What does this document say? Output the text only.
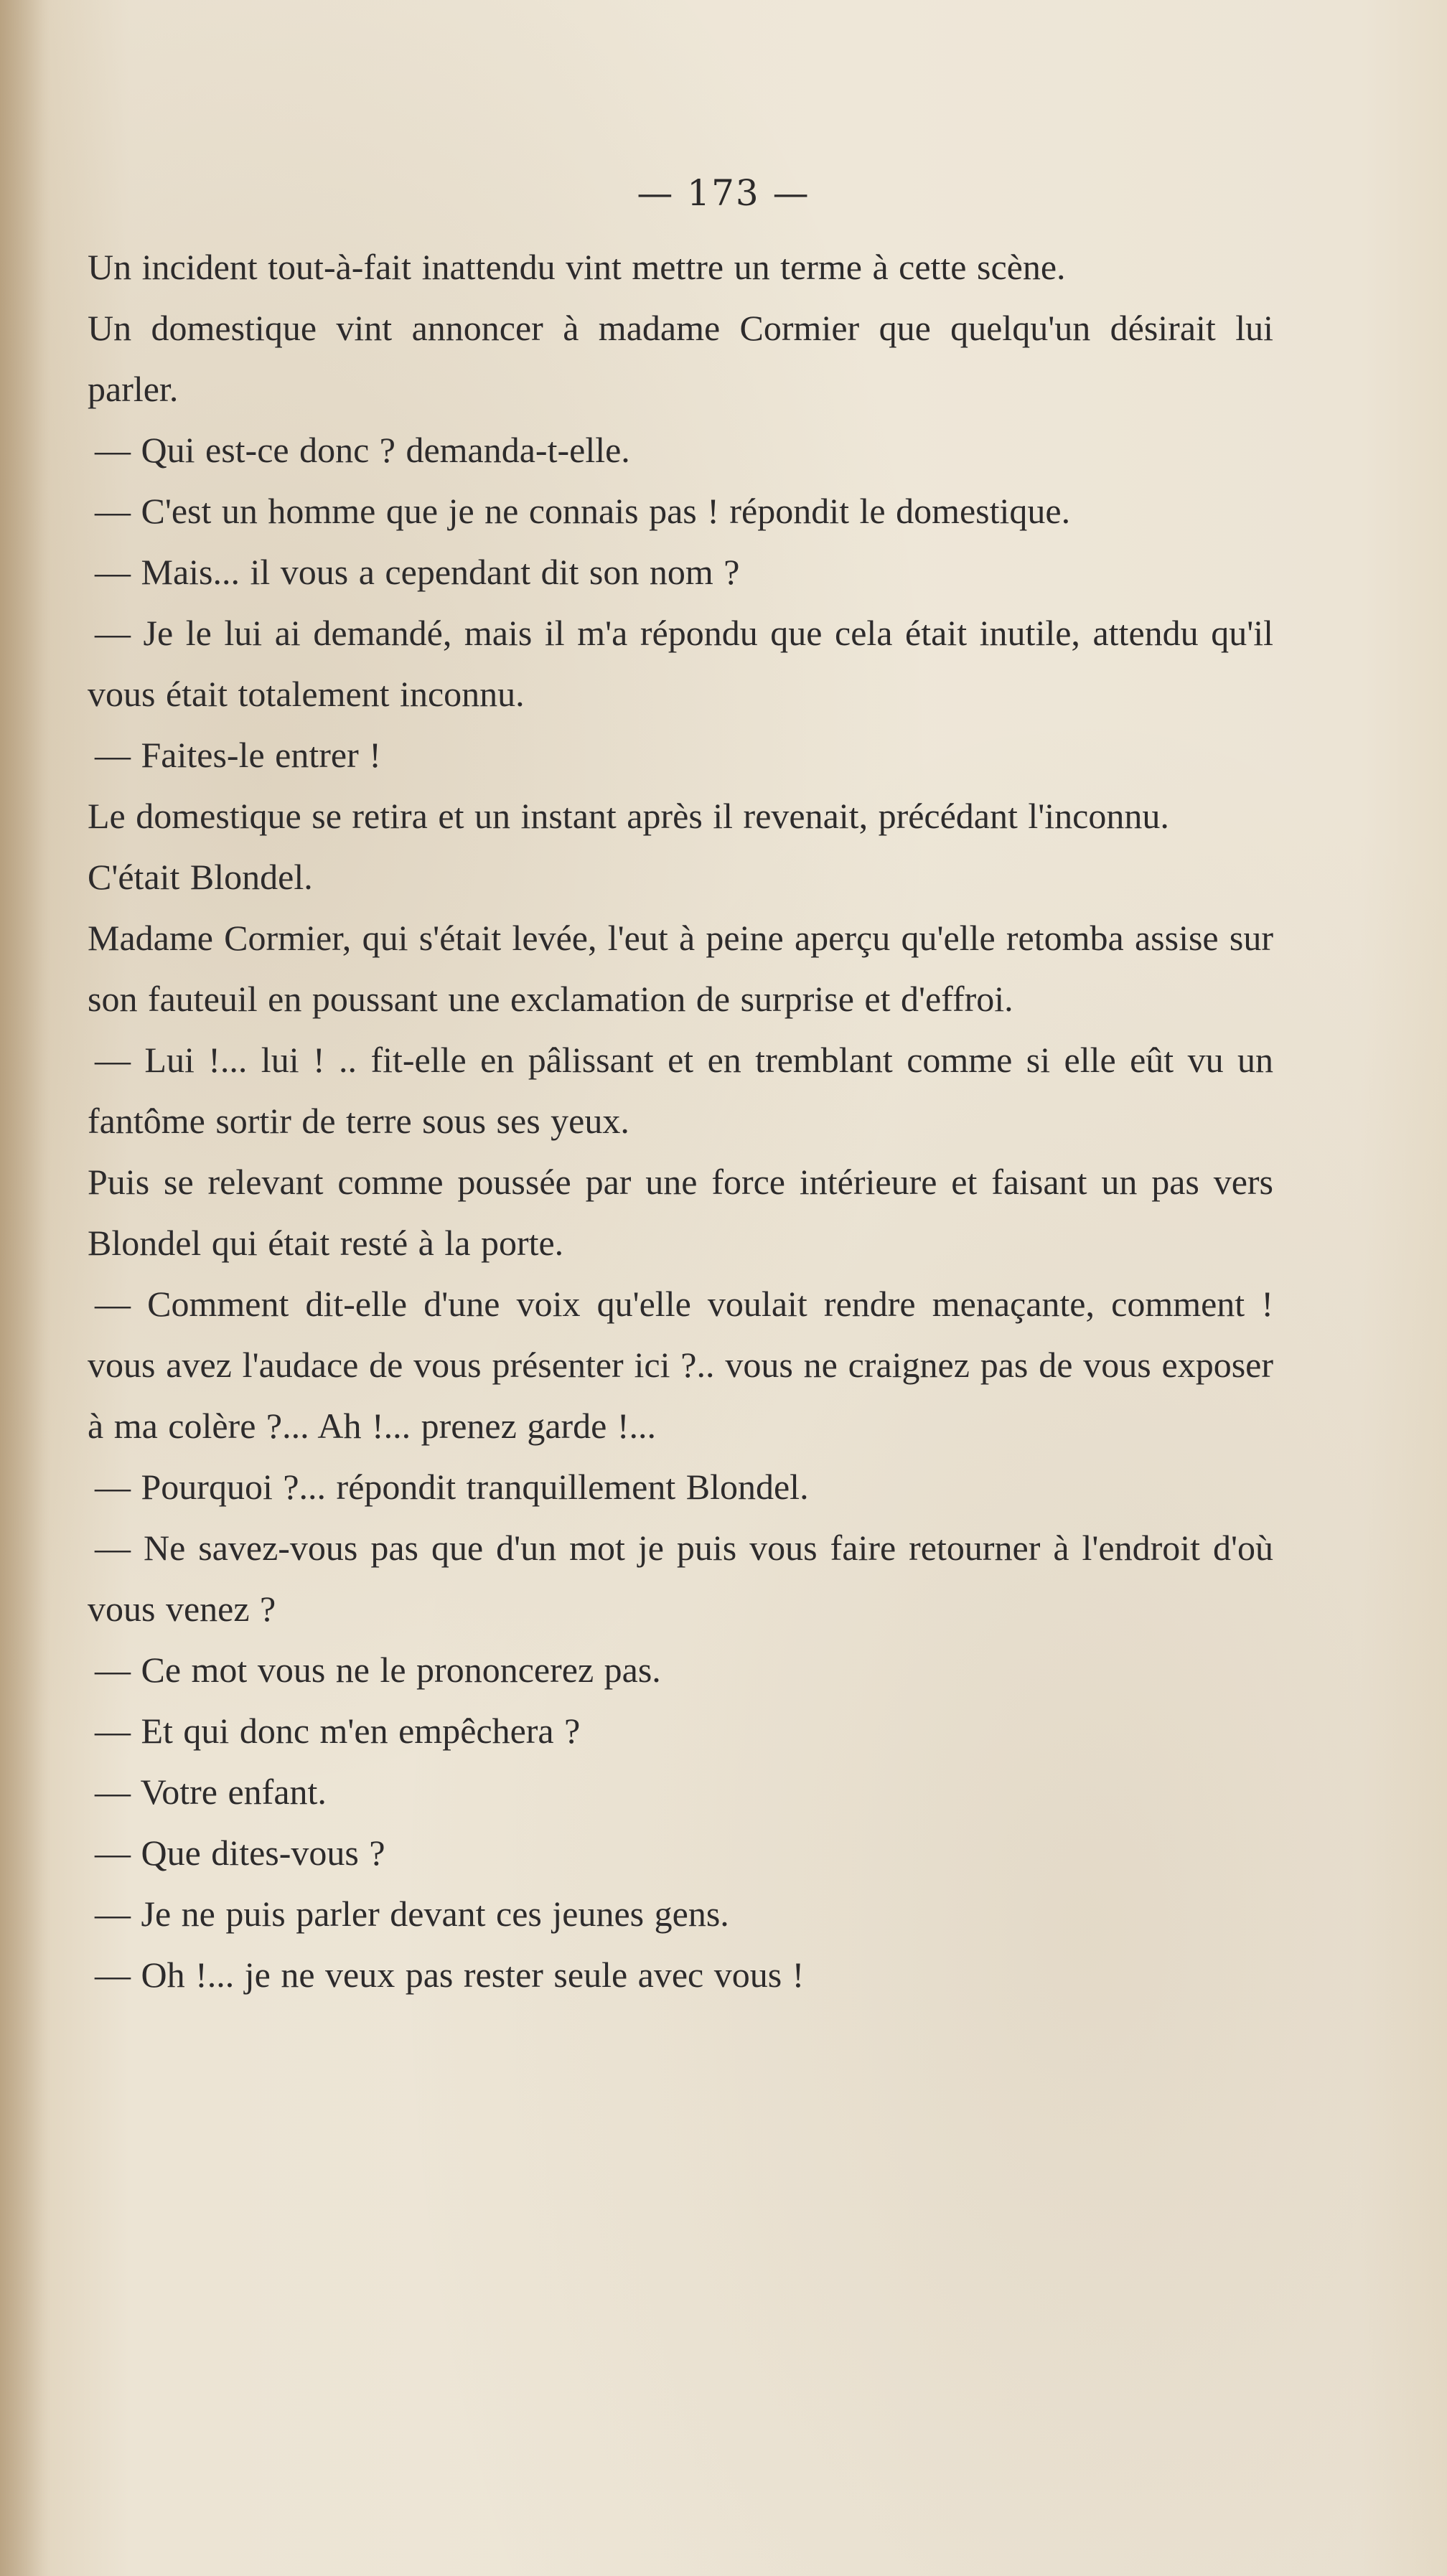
— 173 —

Un incident tout-à-fait inattendu vint mettre un terme à cette scène.

Un domestique vint annoncer à madame Cormier que quelqu'un désirait lui parler.

— Qui est-ce donc ? demanda-t-elle.

— C'est un homme que je ne connais pas ! répondit le domestique.

— Mais... il vous a cependant dit son nom ?

— Je le lui ai demandé, mais il m'a répondu que cela était inutile, attendu qu'il vous était totalement inconnu.

— Faites-le entrer !

Le domestique se retira et un instant après il revenait, précédant l'inconnu.

C'était Blondel.

Madame Cormier, qui s'était levée, l'eut à peine aperçu qu'elle retomba assise sur son fauteuil en poussant une exclamation de surprise et d'effroi.

— Lui !... lui ! .. fit-elle en pâlissant et en tremblant comme si elle eût vu un fantôme sortir de terre sous ses yeux.

Puis se relevant comme poussée par une force intérieure et faisant un pas vers Blondel qui était resté à la porte.

— Comment dit-elle d'une voix qu'elle voulait rendre menaçante, comment ! vous avez l'audace de vous présenter ici ?.. vous ne craignez pas de vous exposer à ma colère ?... Ah !... prenez garde !...

— Pourquoi ?... répondit tranquillement Blondel.

— Ne savez-vous pas que d'un mot je puis vous faire retourner à l'endroit d'où vous venez ?

— Ce mot vous ne le prononcerez pas.

— Et qui donc m'en empêchera ?

— Votre enfant.

— Que dites-vous ?

— Je ne puis parler devant ces jeunes gens.

— Oh !... je ne veux pas rester seule avec vous !
